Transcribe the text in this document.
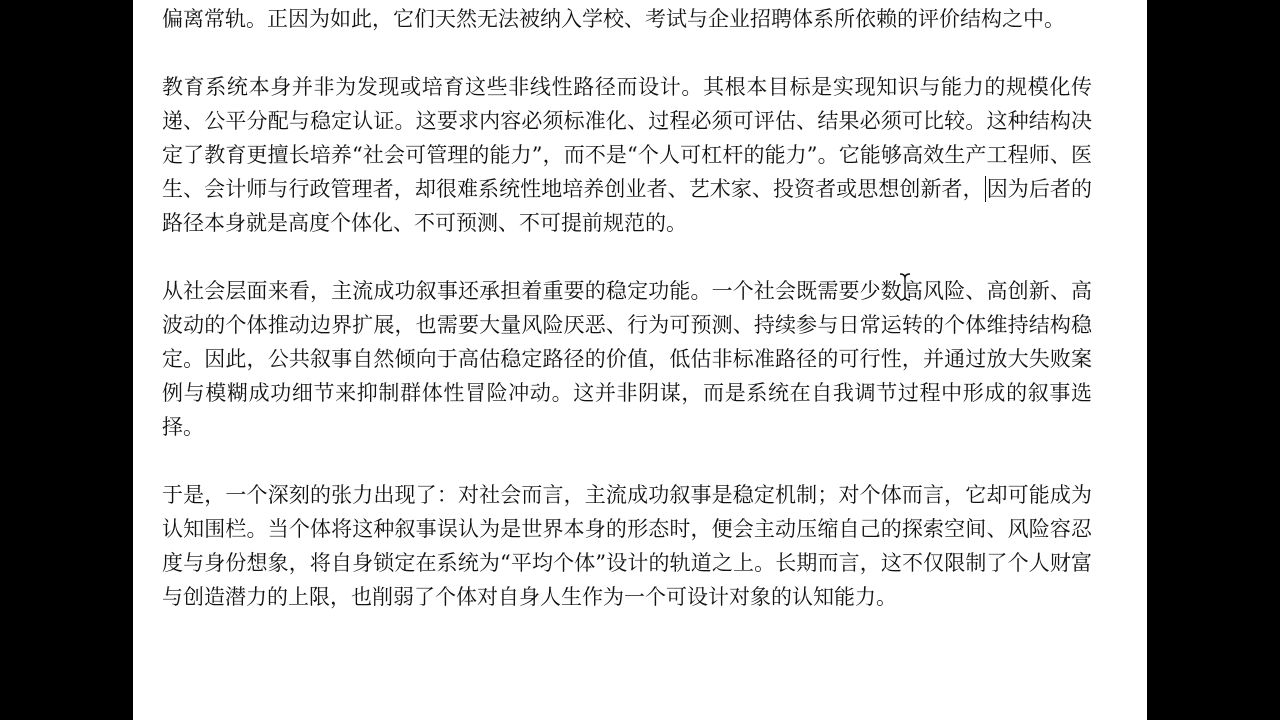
偏离常轨。正因为如此，它们天然无法被纳入学校、考试与企业招聘体系所依赖的评价结构之中。

教育系统本身并非为发现或培育这些非线性路径而设计。其根本目标是实现知识与能力的规模化传递、公平分配与稳定认证。这要求内容必须标准化、过程必须可评估、结果必须可比较。这种结构决定了教育更擅长培养“社会可管理的能力”，而不是“个人可杠杆的能力”。它能够高效生产工程师、医生、会计师与行政管理者，却很难系统性地培养创业者、艺术家、投资者或思想创新者， 因为后者的路径本身就是高度个体化、不可预测、不可提前规范的。

从社会层面来看，主流成功叙事还承担着重要的稳定功能。一个社会既需要少数高风险、高创新、高波动的个体推动边界扩展，也需要大量风险厌恶、行为可预测、持续参与日常运转的个体维持结构稳定。因此，公共叙事自然倾向于高估稳定路径的价值，低估非标准路径的可行性，并通过放大失败案例与模糊成功细节来抑制群体性冒险冲动。这并非阴谋，而是系统在自我调节过程中形成的叙事选择。

于是，一个深刻的张力出现了：对社会而言，主流成功叙事是稳定机制；对个体而言，它却可能成为认知围栏。当个体将这种叙事误认为是世界本身的形态时，便会主动压缩自己的探索空间、风险容忍度与身份想象，将自身锁定在系统为“平均个体”设计的轨道之上。长期而言，这不仅限制了个人财富与创造潜力的上限，也削弱了个体对自身人生作为一个可设计对象的认知能力。
